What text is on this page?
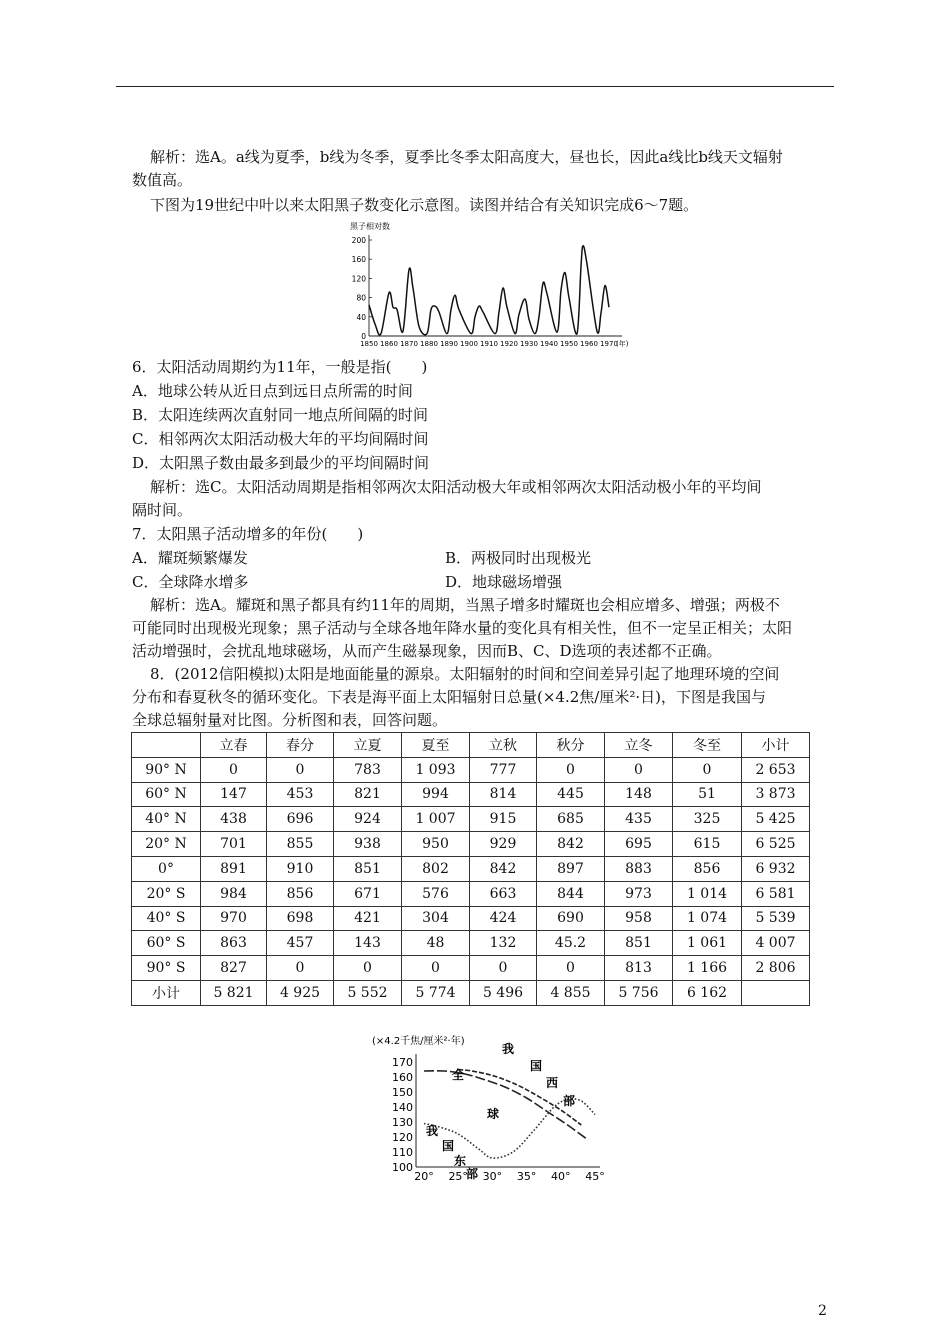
解析：选A。a线为夏季，b线为冬季，夏季比冬季太阳高度大，昼也长，因此a线比b线天文辐射
数值高。
下图为19世纪中叶以来太阳黑子数变化示意图。读图并结合有关知识完成6～7题。
黑子相对数
0
40
80
120
160
200
1850 1860 1870 1880 1890 1900 1910 1920 1930 1940 1950 1960 1970
(年)
6．太阳活动周期约为11年，一般是指(　　)
A．地球公转从近日点到远日点所需的时间
B．太阳连续两次直射同一地点所间隔的时间
C．相邻两次太阳活动极大年的平均间隔时间
D．太阳黑子数由最多到最少的平均间隔时间
解析：选C。太阳活动周期是指相邻两次太阳活动极大年或相邻两次太阳活动极小年的平均间
隔时间。
7．太阳黑子活动增多的年份(　　)
A．耀斑频繁爆发	B．两极同时出现极光
C．全球降水增多	D．地球磁场增强
解析：选A。耀斑和黑子都具有约11年的周期，当黑子增多时耀斑也会相应增多、增强；两极不
可能同时出现极光现象；黑子活动与全球各地年降水量的变化具有相关性，但不一定呈正相关；太阳
活动增强时，会扰乱地球磁场，从而产生磁暴现象，因而B、C、D选项的表述都不正确。
8．(2012信阳模拟)太阳是地面能量的源泉。太阳辐射的时间和空间差异引起了地理环境的空间
分布和春夏秋冬的循环变化。下表是海平面上太阳辐射日总量(×4.2焦/厘米²·日)，下图是我国与
全球总辐射量对比图。分析图和表，回答问题。
	立春	春分	立夏	夏至	立秋	秋分	立冬	冬至	小计
90° N	0	0	783	1 093	777	0	0	0	2 653
60° N	147	453	821	994	814	445	148	51	3 873
40° N	438	696	924	1 007	915	685	435	325	5 425
20° N	701	855	938	950	929	842	695	615	6 525
0°	891	910	851	802	842	897	883	856	6 932
20° S	984	856	671	576	663	844	973	1 014	6 581
40° S	970	698	421	304	424	690	958	1 074	5 539
60° S	863	457	143	48	132	45.2	851	1 061	4 007
90° S	827	0	0	0	0	0	813	1 166	2 806
小计	5 821	4 925	5 552	5 774	5 496	4 855	5 756	6 162	
(×4.2千焦/厘米²·年)
100
110
120
130
140
150
160
170
20° 25° 30° 35° 40° 45°
我
国
西
部
全
球
我
国
东
部
2
